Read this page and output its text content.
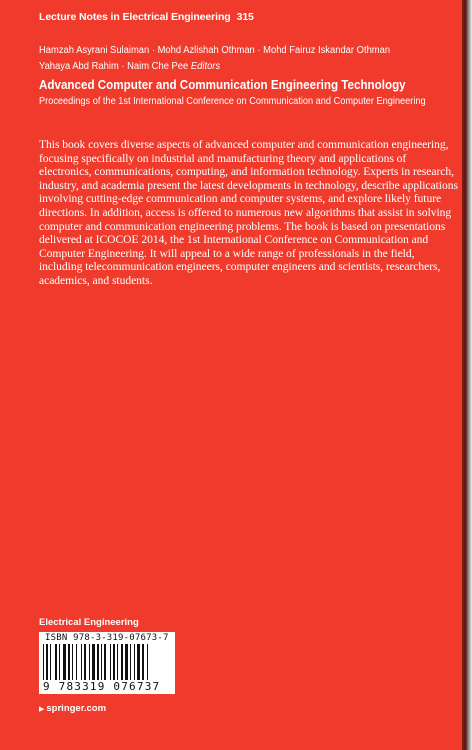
Lecture Notes in Electrical Engineering 315

Hamzah Asyrani Sulaiman · Mohd Azlishah Othman · Mohd Fairuz Iskandar Othman

Yahaya Abd Rahim · Naim Che Pee Editors

Advanced Computer and Communication Engineering Technology

Proceedings of the 1st International Conference on Communication and Computer Engineering

This book covers diverse aspects of advanced computer and communication engineering, focusing specifically on industrial and manufacturing theory and applications of electronics, communications, computing, and information technology. Experts in research, industry, and academia present the latest developments in technology, describe applications involving cutting-edge communication and computer systems, and explore likely future directions. In addition, access is offered to numerous new algorithms that assist in solving computer and communication engineering problems. The book is based on presentations delivered at ICOCOE 2014, the 1st International Conference on Communication and Computer Engineering. It will appeal to a wide range of professionals in the field, including telecommunication engineers, computer engineers and scientists, researchers, academics, and students.

Electrical Engineering

ISBN 978-3-319-07673-7
9 783319 076737

▶ springer.com
